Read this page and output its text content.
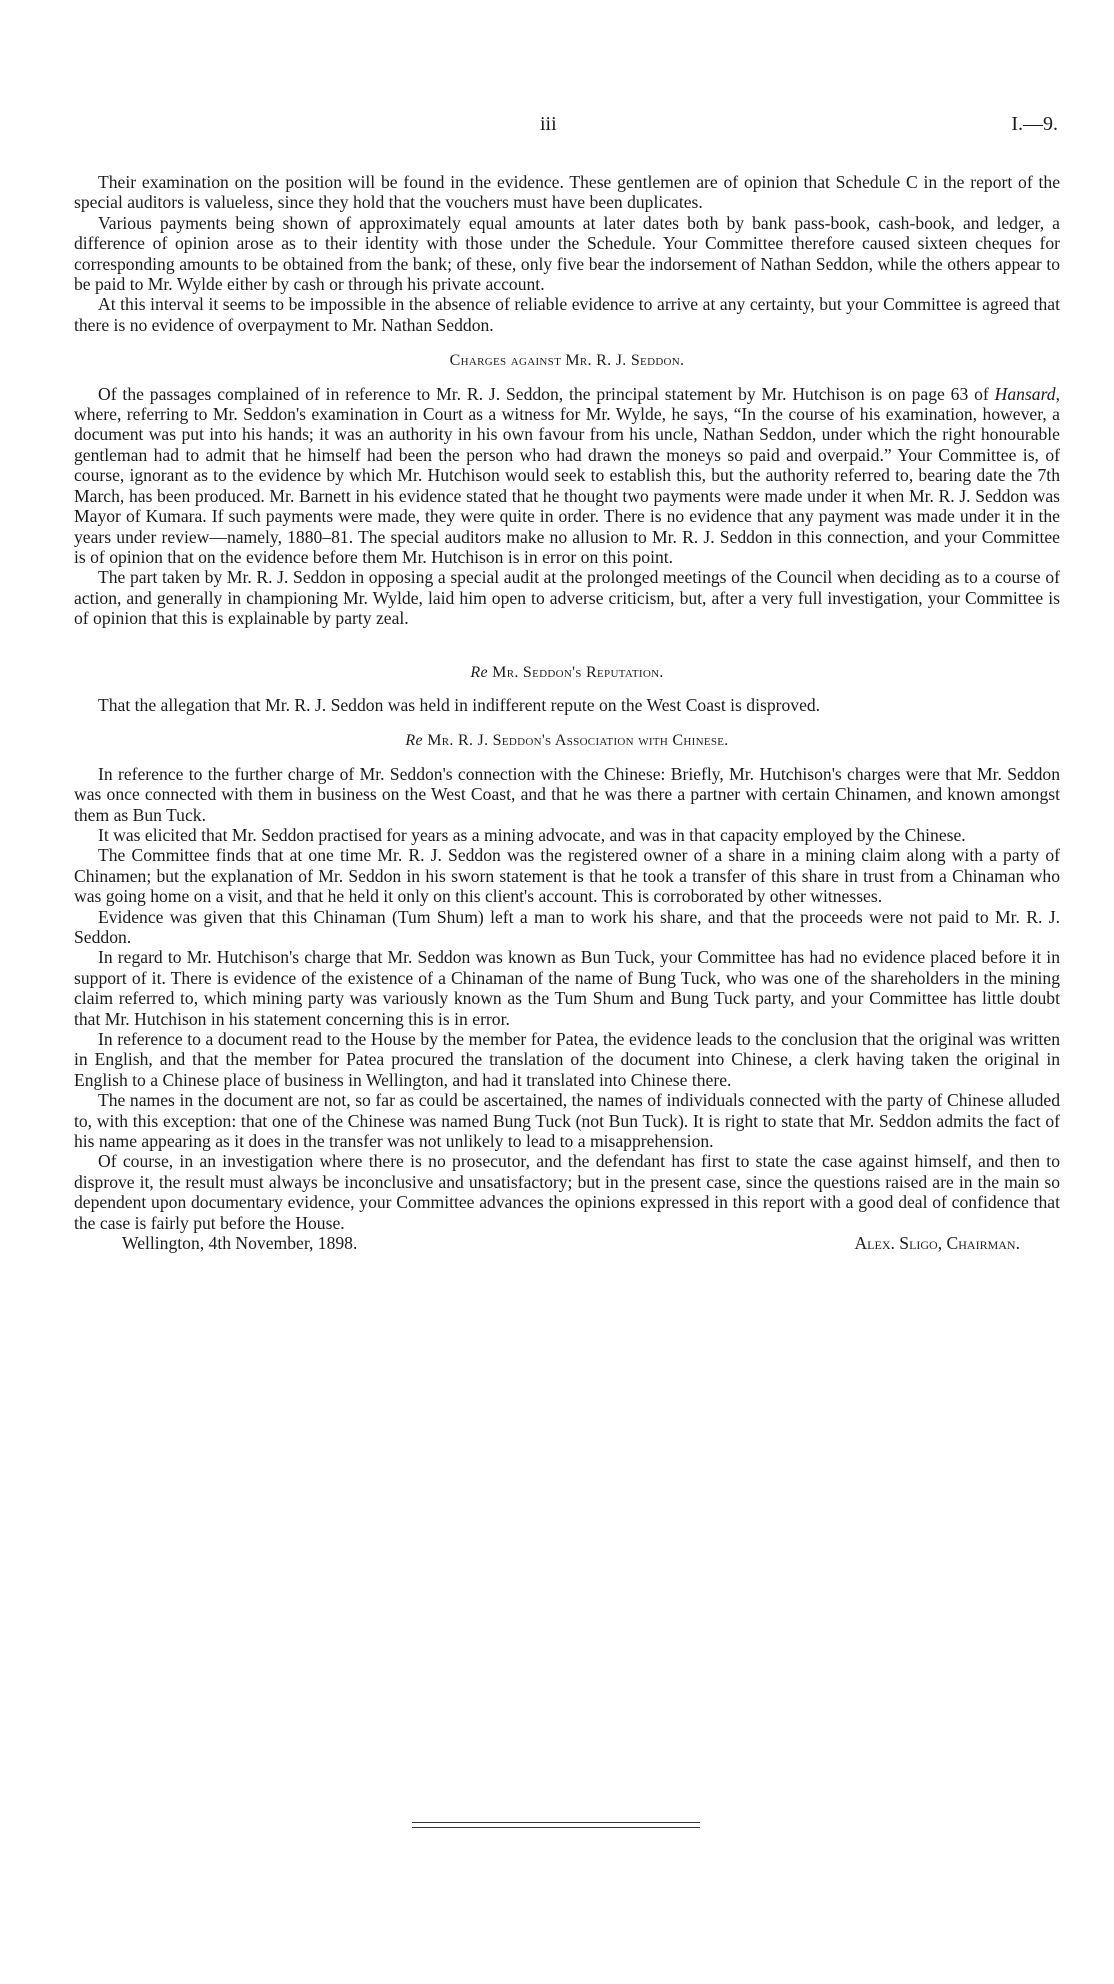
iii	I.—9.

Their examination on the position will be found in the evidence. These gentlemen are of opinion that Schedule C in the report of the special auditors is valueless, since they hold that the vouchers must have been duplicates.

Various payments being shown of approximately equal amounts at later dates both by bank pass-book, cash-book, and ledger, a difference of opinion arose as to their identity with those under the Schedule. Your Committee therefore caused sixteen cheques for corresponding amounts to be obtained from the bank; of these, only five bear the indorsement of Nathan Seddon, while the others appear to be paid to Mr. Wylde either by cash or through his private account.

At this interval it seems to be impossible in the absence of reliable evidence to arrive at any certainty, but your Committee is agreed that there is no evidence of overpayment to Mr. Nathan Seddon.

Charges against Mr. R. J. Seddon.

Of the passages complained of in reference to Mr. R. J. Seddon, the principal statement by Mr. Hutchison is on page 63 of Hansard, where, referring to Mr. Seddon's examination in Court as a witness for Mr. Wylde, he says, “In the course of his examination, however, a document was put into his hands; it was an authority in his own favour from his uncle, Nathan Seddon, under which the right honourable gentleman had to admit that he himself had been the person who had drawn the moneys so paid and overpaid.” Your Committee is, of course, ignorant as to the evidence by which Mr. Hutchison would seek to establish this, but the authority referred to, bearing date the 7th March, has been produced. Mr. Barnett in his evidence stated that he thought two payments were made under it when Mr. R. J. Seddon was Mayor of Kumara. If such payments were made, they were quite in order. There is no evidence that any payment was made under it in the years under review—namely, 1880–81. The special auditors make no allusion to Mr. R. J. Seddon in this connection, and your Committee is of opinion that on the evidence before them Mr. Hutchison is in error on this point.

The part taken by Mr. R. J. Seddon in opposing a special audit at the prolonged meetings of the Council when deciding as to a course of action, and generally in championing Mr. Wylde, laid him open to adverse criticism, but, after a very full investigation, your Committee is of opinion that this is explainable by party zeal.

Re Mr. Seddon's Reputation.

That the allegation that Mr. R. J. Seddon was held in indifferent repute on the West Coast is disproved.

Re Mr. R. J. Seddon's Association with Chinese.

In reference to the further charge of Mr. Seddon's connection with the Chinese: Briefly, Mr. Hutchison's charges were that Mr. Seddon was once connected with them in business on the West Coast, and that he was there a partner with certain Chinamen, and known amongst them as Bun Tuck.

It was elicited that Mr. Seddon practised for years as a mining advocate, and was in that capacity employed by the Chinese.

The Committee finds that at one time Mr. R. J. Seddon was the registered owner of a share in a mining claim along with a party of Chinamen; but the explanation of Mr. Seddon in his sworn statement is that he took a transfer of this share in trust from a Chinaman who was going home on a visit, and that he held it only on this client's account. This is corroborated by other witnesses.

Evidence was given that this Chinaman (Tum Shum) left a man to work his share, and that the proceeds were not paid to Mr. R. J. Seddon.

In regard to Mr. Hutchison's charge that Mr. Seddon was known as Bun Tuck, your Committee has had no evidence placed before it in support of it. There is evidence of the existence of a Chinaman of the name of Bung Tuck, who was one of the shareholders in the mining claim referred to, which mining party was variously known as the Tum Shum and Bung Tuck party, and your Committee has little doubt that Mr. Hutchison in his statement concerning this is in error.

In reference to a document read to the House by the member for Patea, the evidence leads to the conclusion that the original was written in English, and that the member for Patea procured the translation of the document into Chinese, a clerk having taken the original in English to a Chinese place of business in Wellington, and had it translated into Chinese there.

The names in the document are not, so far as could be ascertained, the names of individuals connected with the party of Chinese alluded to, with this exception: that one of the Chinese was named Bung Tuck (not Bun Tuck). It is right to state that Mr. Seddon admits the fact of his name appearing as it does in the transfer was not unlikely to lead to a misapprehension.

Of course, in an investigation where there is no prosecutor, and the defendant has first to state the case against himself, and then to disprove it, the result must always be inconclusive and unsatisfactory; but in the present case, since the questions raised are in the main so dependent upon documentary evidence, your Committee advances the opinions expressed in this report with a good deal of confidence that the case is fairly put before the House.

Wellington, 4th November, 1898.	Alex. Sligo, Chairman.
